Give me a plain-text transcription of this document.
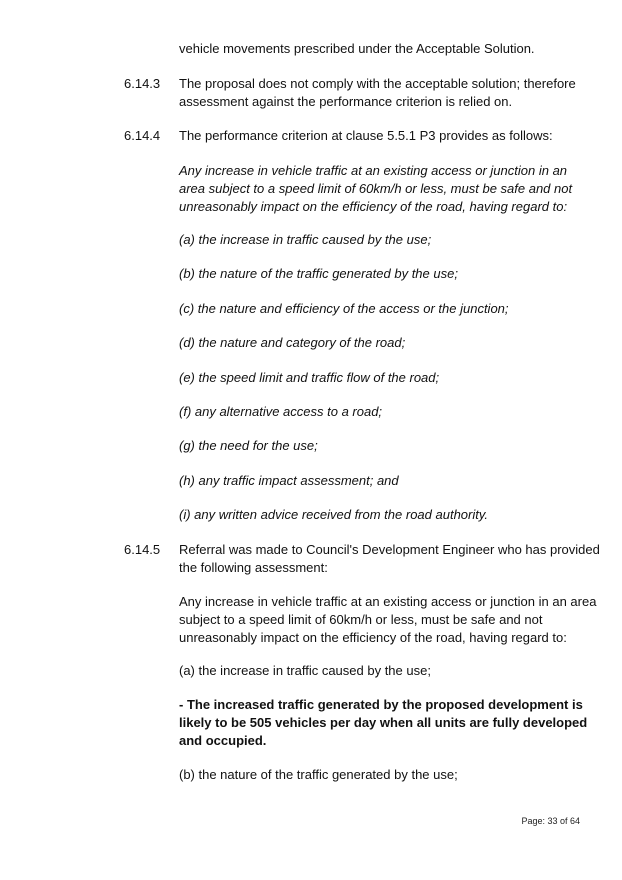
vehicle movements prescribed under the Acceptable Solution.
6.14.3 The proposal does not comply with the acceptable solution; therefore
assessment against the performance criterion is relied on.
6.14.4 The performance criterion at clause 5.5.1 P3 provides as follows:
Any increase in vehicle traffic at an existing access or junction in an
area subject to a speed limit of 60km/h or less, must be safe and not
unreasonably impact on the efficiency of the road, having regard to:
(a) the increase in traffic caused by the use;
(b) the nature of the traffic generated by the use;
(c) the nature and efficiency of the access or the junction;
(d) the nature and category of the road;
(e) the speed limit and traffic flow of the road;
(f) any alternative access to a road;
(g) the need for the use;
(h) any traffic impact assessment; and
(i) any written advice received from the road authority.
6.14.5 Referral was made to Council's Development Engineer who has provided
the following assessment:
Any increase in vehicle traffic at an existing access or junction in an area
subject to a speed limit of 60km/h or less, must be safe and not
unreasonably impact on the efficiency of the road, having regard to:
(a) the increase in traffic caused by the use;
- The increased traffic generated by the proposed development is
likely to be 505 vehicles per day when all units are fully developed
and occupied.
(b) the nature of the traffic generated by the use;
Page: 33 of 64
